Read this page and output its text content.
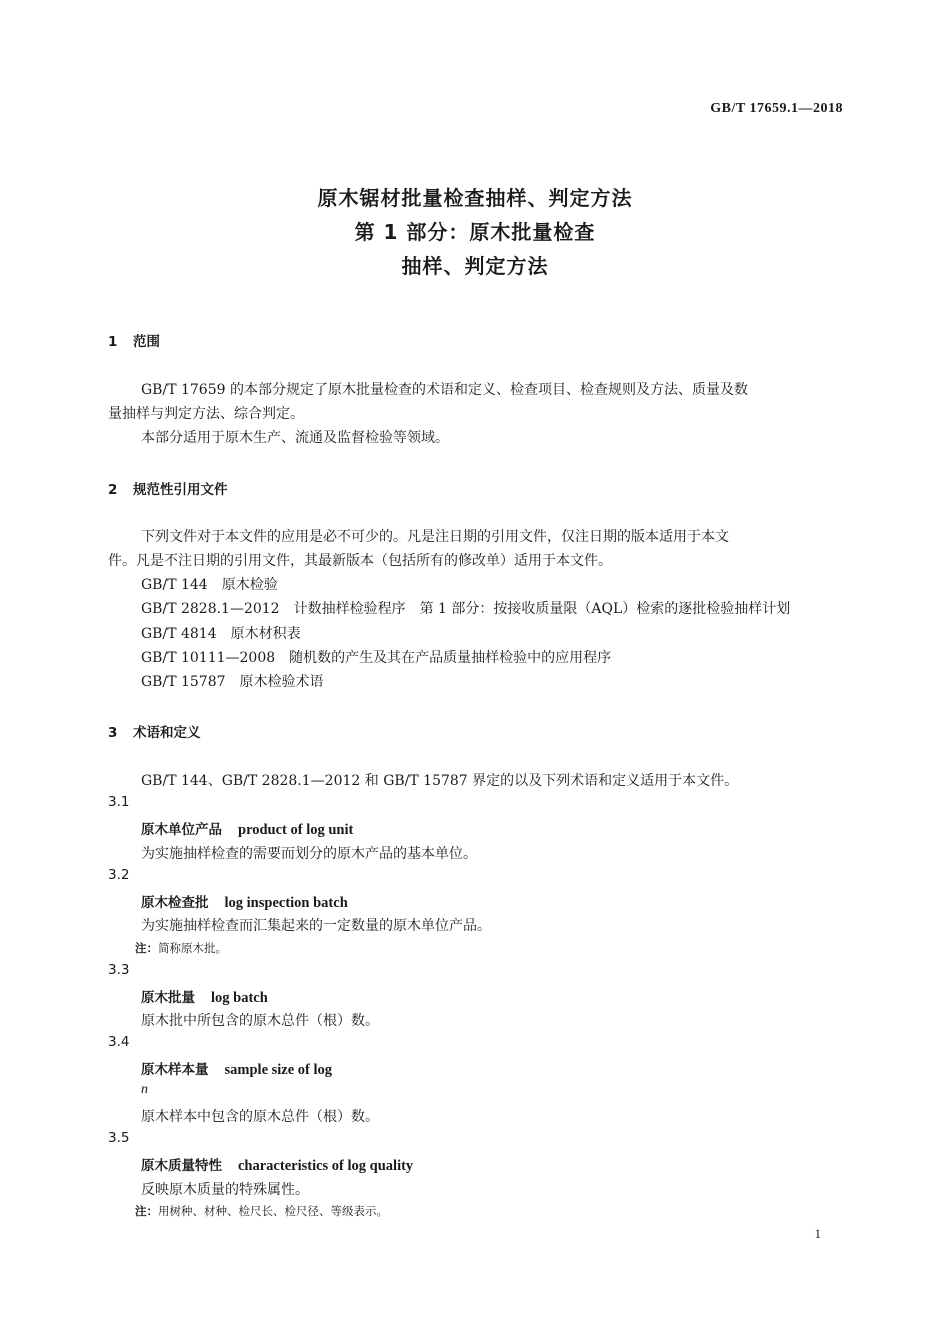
GB/T 17659.1—2018
原木锯材批量检查抽样、判定方法
第 1 部分：原木批量检查
抽样、判定方法
1 范围
GB/T 17659 的本部分规定了原木批量检查的术语和定义、检查项目、检查规则及方法、质量及数
量抽样与判定方法、综合判定。
本部分适用于原木生产、流通及监督检验等领域。
2 规范性引用文件
下列文件对于本文件的应用是必不可少的。凡是注日期的引用文件，仅注日期的版本适用于本文
件。凡是不注日期的引用文件，其最新版本（包括所有的修改单）适用于本文件。
GB/T 144 原木检验
GB/T 2828.1—2012 计数抽样检验程序　第 1 部分：按接收质量限（AQL）检索的逐批检验抽样计划
GB/T 4814 原木材积表
GB/T 10111—2008 随机数的产生及其在产品质量抽样检验中的应用程序
GB/T 15787 原木检验术语
3 术语和定义
GB/T 144、GB/T 2828.1—2012 和 GB/T 15787 界定的以及下列术语和定义适用于本文件。
3.1
原木单位产品 product of log unit
为实施抽样检查的需要而划分的原木产品的基本单位。
3.2
原木检查批 log inspection batch
为实施抽样检查而汇集起来的一定数量的原木单位产品。
注：简称原木批。
3.3
原木批量 log batch
原木批中所包含的原木总件（根）数。
3.4
原木样本量 sample size of log
n
原木样本中包含的原木总件（根）数。
3.5
原木质量特性 characteristics of log quality
反映原木质量的特殊属性。
注：用树种、材种、检尺长、检尺径、等级表示。
1
